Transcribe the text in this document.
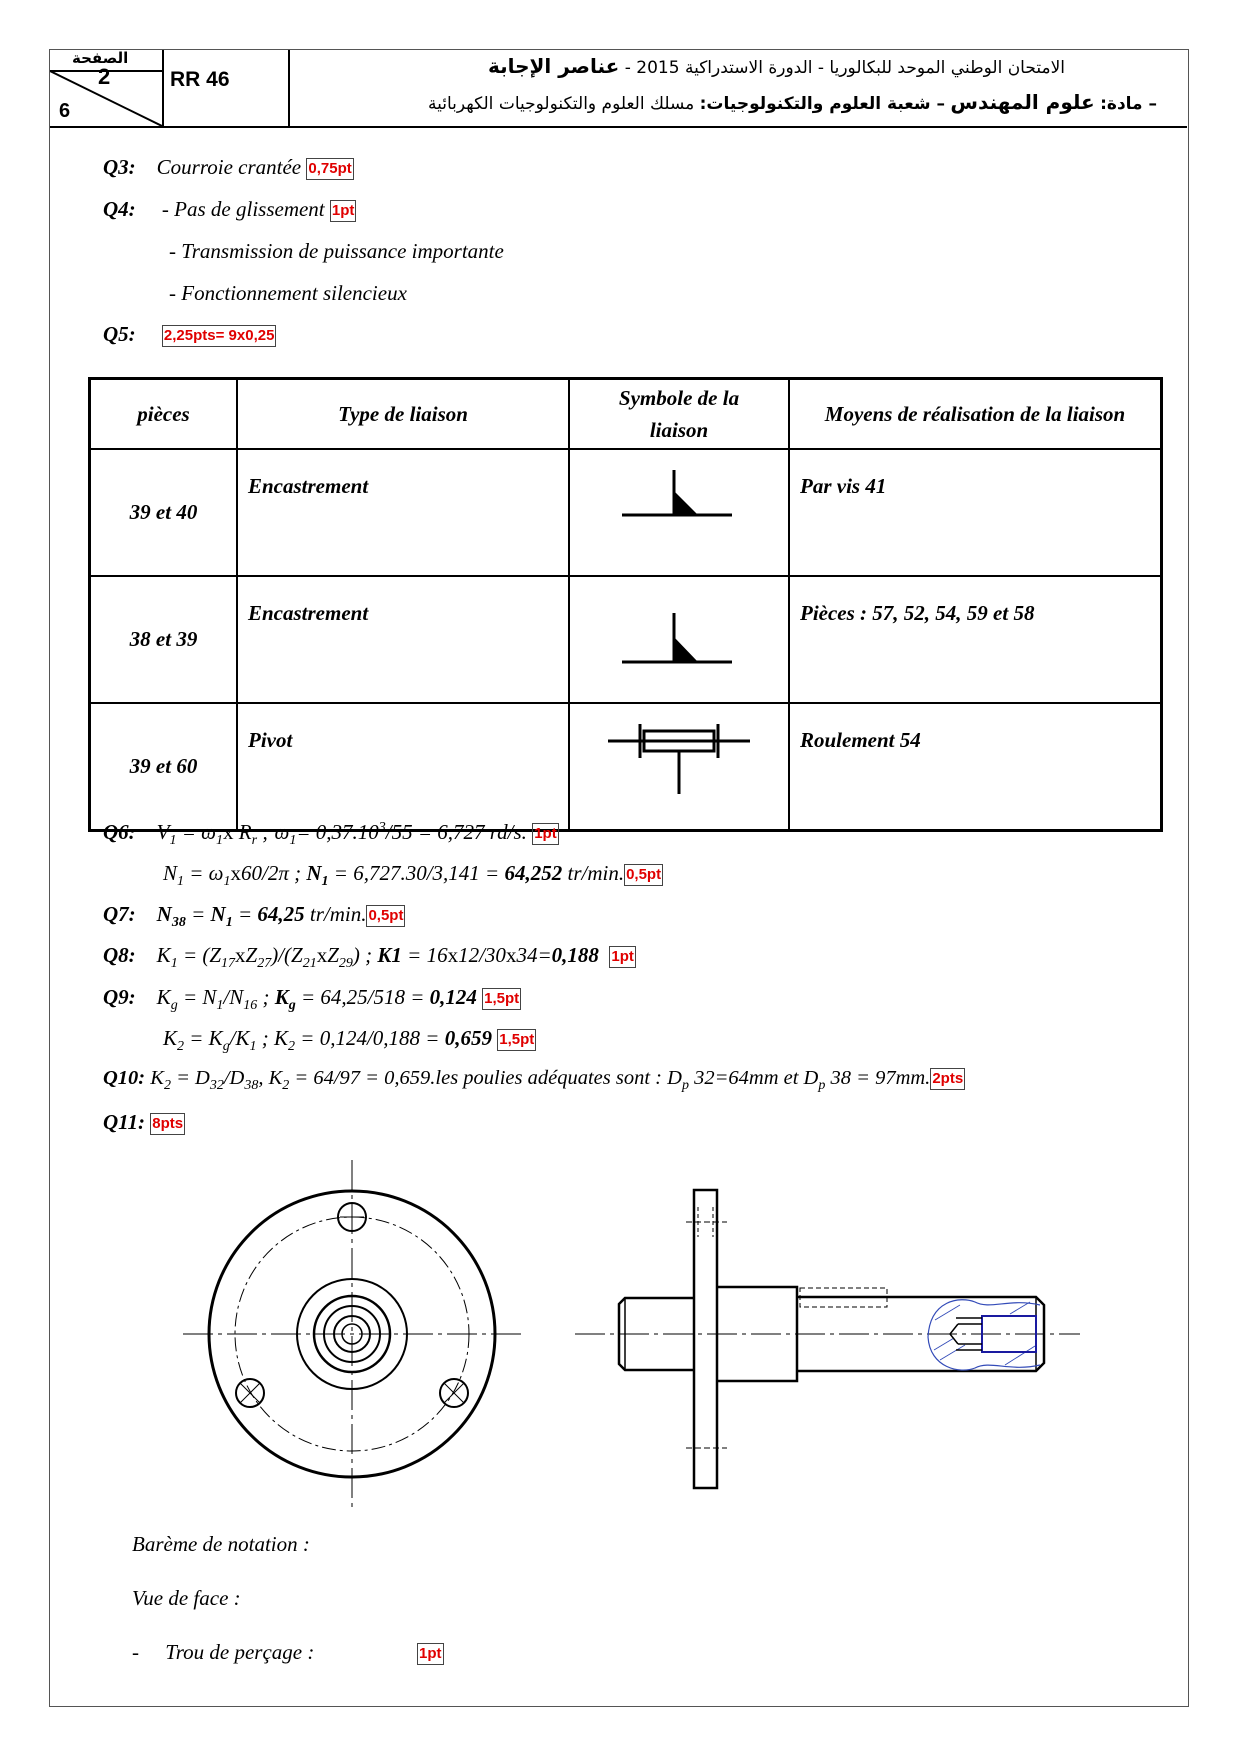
الصفحة
2
6
RR 46	الامتحان الوطني الموحد للبكالوريا - الدورة الاستدراكية 2015 - عناصر الإجابة
– مادة: علوم المهندس – شعبة العلوم والتكنولوجيات: مسلك العلوم والتكنولوجيات الكهربائية
Q3: Courroie crantée 0,75pt
Q4: - Pas de glissement 1pt
- Transmission de puissance importante
- Fonctionnement silencieux
Q5: 2,25pts= 9x0,25
pièces	Type de liaison	Symbole de la liaison	Moyens de réalisation de la liaison
39 et 40	Encastrement		Par vis 41
38 et 39	Encastrement		Pièces : 57, 52, 54, 59 et 58
39 et 60	Pivot		Roulement 54
Q6:    $V_1 = \omega_1x$ $R_r$ ; $\omega_1= 0,37.10^3/55 = 6,727$ rd/s. 1pt
$N_1 = \omega_1x60/2\pi$ ; $N_1 = 6,727.30/3,141 = 64,252$ tr/min. 0,5pt
Q7: $N_{38} = N_1 = 64,25$ tr/min. 0,5pt
Q8:    $K_1 = (Z_{17}xZ_{27})/(Z_{21}xZ_{29})$ ; K1 = 16x12/30x34=0,188 1pt
Q9:    $K_g = N_1/N_{16}$ ; $K_g = 64,25/518 = 0,124$ 1,5pt
$K_2 = K_g/K_1$ ; $K_2 = 0,124/0,188 = 0,659$ 1,5pt
Q10: $K_2 = D_{32}/D_{38}$, $K_2 = 64/97 = 0,659.les$ poulies adéquates sont : $D_p$ 32=64mm et $D_p$ 38 = 97mm. 2pts
Q11: 8pts
Barème de notation :
Vue de face :
- Trou de perçage :	1pt
